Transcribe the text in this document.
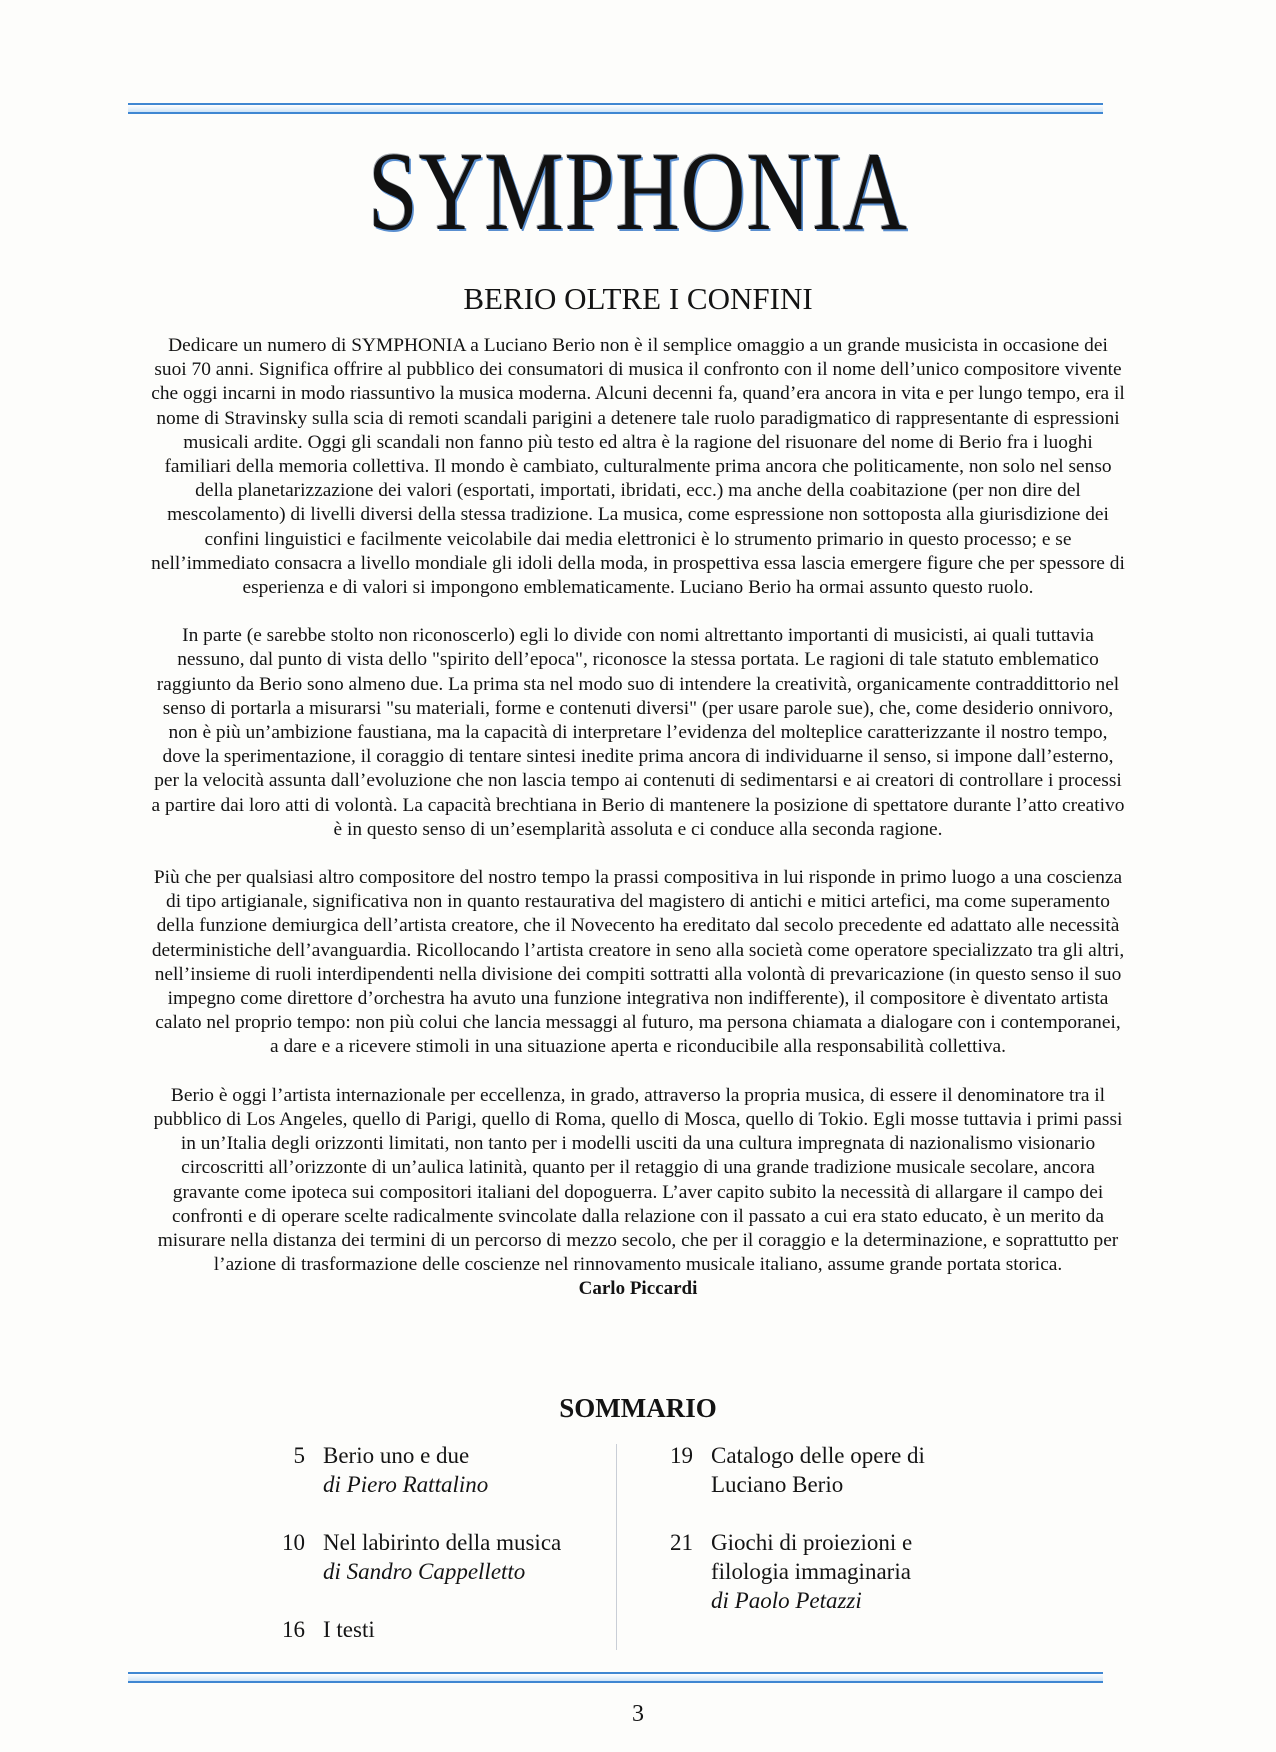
SYMPHONIA
BERIO OLTRE I CONFINI

Dedicare un numero di SYMPHONIA a Luciano Berio non è il semplice omaggio a un grande musicista in occasione dei suoi 70 anni. Significa offrire al pubblico dei consumatori di musica il confronto con il nome dell’unico compositore vivente che oggi incarni in modo riassuntivo la musica moderna. Alcuni decenni fa, quand’era ancora in vita e per lungo tempo, era il nome di Stravinsky sulla scia di remoti scandali parigini a detenere tale ruolo paradigmatico di rappresentante di espressioni musicali ardite. Oggi gli scandali non fanno più testo ed altra è la ragione del risuonare del nome di Berio fra i luoghi familiari della memoria collettiva. Il mondo è cambiato, culturalmente prima ancora che politicamente, non solo nel senso della planetarizzazione dei valori (esportati, importati, ibridati, ecc.) ma anche della coabitazione (per non dire del mescolamento) di livelli diversi della stessa tradizione. La musica, come espressione non sottoposta alla giurisdizione dei confini linguistici e facilmente veicolabile dai media elettronici è lo strumento primario in questo processo; e se nell’immediato consacra a livello mondiale gli idoli della moda, in prospettiva essa lascia emergere figure che per spessore di esperienza e di valori si impongono emblematicamente. Luciano Berio ha ormai assunto questo ruolo.

In parte (e sarebbe stolto non riconoscerlo) egli lo divide con nomi altrettanto importanti di musicisti, ai quali tuttavia nessuno, dal punto di vista dello "spirito dell’epoca", riconosce la stessa portata. Le ragioni di tale statuto emblematico raggiunto da Berio sono almeno due. La prima sta nel modo suo di intendere la creatività, organicamente contraddittorio nel senso di portarla a misurarsi "su materiali, forme e contenuti diversi" (per usare parole sue), che, come desiderio onnivoro, non è più un’ambizione faustiana, ma la capacità di interpretare l’evidenza del molteplice caratterizzante il nostro tempo, dove la sperimentazione, il coraggio di tentare sintesi inedite prima ancora di individuarne il senso, si impone dall’esterno, per la velocità assunta dall’evoluzione che non lascia tempo ai contenuti di sedimentarsi e ai creatori di controllare i processi a partire dai loro atti di volontà. La capacità brechtiana in Berio di mantenere la posizione di spettatore durante l’atto creativo è in questo senso di un’esemplarità assoluta e ci conduce alla seconda ragione.

Più che per qualsiasi altro compositore del nostro tempo la prassi compositiva in lui risponde in primo luogo a una coscienza di tipo artigianale, significativa non in quanto restaurativa del magistero di antichi e mitici artefici, ma come superamento della funzione demiurgica dell’artista creatore, che il Novecento ha ereditato dal secolo precedente ed adattato alle necessità deterministiche dell’avanguardia. Ricollocando l’artista creatore in seno alla società come operatore specializzato tra gli altri, nell’insieme di ruoli interdipendenti nella divisione dei compiti sottratti alla volontà di prevaricazione (in questo senso il suo impegno come direttore d’orchestra ha avuto una funzione integrativa non indifferente), il compositore è diventato artista calato nel proprio tempo: non più colui che lancia messaggi al futuro, ma persona chiamata a dialogare con i contemporanei, a dare e a ricevere stimoli in una situazione aperta e riconducibile alla responsabilità collettiva.

Berio è oggi l’artista internazionale per eccellenza, in grado, attraverso la propria musica, di essere il denominatore tra il pubblico di Los Angeles, quello di Parigi, quello di Roma, quello di Mosca, quello di Tokio. Egli mosse tuttavia i primi passi in un’Italia degli orizzonti limitati, non tanto per i modelli usciti da una cultura impregnata di nazionalismo visionario circoscritti all’orizzonte di un’aulica latinità, quanto per il retaggio di una grande tradizione musicale secolare, ancora gravante come ipoteca sui compositori italiani del dopoguerra. L’aver capito subito la necessità di allargare il campo dei confronti e di operare scelte radicalmente svincolate dalla relazione con il passato a cui era stato educato, è un merito da misurare nella distanza dei termini di un percorso di mezzo secolo, che per il coraggio e la determinazione, e soprattutto per l’azione di trasformazione delle coscienze nel rinnovamento musicale italiano, assume grande portata storica.

Carlo Piccardi
SOMMARIO
5 Berio uno e due
di Piero Rattalino
10 Nel labirinto della musica
di Sandro Cappelletto
16 I testi
19 Catalogo delle opere di Luciano Berio
21 Giochi di proiezioni e filologia immaginaria
di Paolo Petazzi
3
